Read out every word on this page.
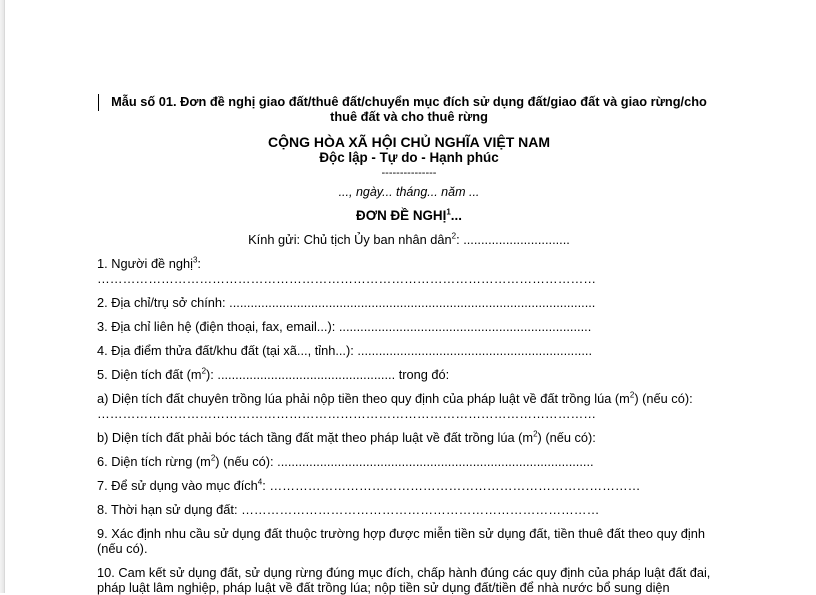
Mẫu số 01. Đơn đề nghị giao đất/thuê đất/chuyển mục đích sử dụng đất/giao đất và giao rừng/cho thuê đất và cho thuê rừng
CỘNG HÒA XÃ HỘI CHỦ NGHĨA VIỆT NAM
Độc lập - Tự do - Hạnh phúc
---------------
..., ngày... tháng... năm ...
ĐƠN ĐỀ NGHỊ$^1$...
Kính gửi: Chủ tịch Ủy ban nhân dân$^2$: ..............................
1. Người đề nghị$^3$:
………………………………………………………………………………………………………
2. Địa chỉ/trụ sở chính: .......................................................................................................
3. Địa chỉ liên hệ (điện thoại, fax, email...): .......................................................................
4. Địa điểm thửa đất/khu đất (tại xã..., tỉnh...): ..................................................................
5. Diện tích đất $(m^2)$: .................................................. trong đó:
a) Diện tích đất chuyên trồng lúa phải nộp tiền theo quy định của pháp luật về đất trồng lúa $(m^2)$ (nếu có):
………………………………………………………………………………………………………
b) Diện tích đất phải bóc tách tầng đất mặt theo pháp luật về đất trồng lúa $(m^2)$ (nếu có):
6. Diện tích rừng $(m^2)$ (nếu có): .........................................................................................
7. Để sử dụng vào mục đích$^4$: ……………………………………………………………………………
8. Thời hạn sử dụng đất: …………………………………………………………………………
9. Xác định nhu cầu sử dụng đất thuộc trường hợp được miễn tiền sử dụng đất, tiền thuê đất theo quy định (nếu có).
10. Cam kết sử dụng đất, sử dụng rừng đúng mục đích, chấp hành đúng các quy định của pháp luật đất đai, pháp luật lâm nghiệp, pháp luật về đất trồng lúa; nộp tiền sử dụng đất/tiền để nhà nước bổ sung diện
